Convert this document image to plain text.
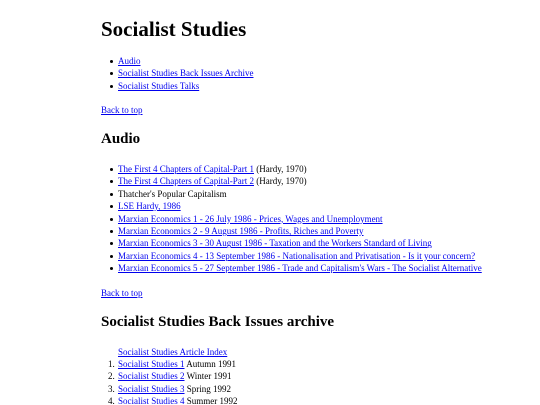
Socialist Studies
Audio
Socialist Studies Back Issues Archive
Socialist Studies Talks
Back to top
Audio
The First 4 Chapters of Capital-Part 1 (Hardy, 1970)
The First 4 Chapters of Capital-Part 2 (Hardy, 1970)
Thatcher's Popular Capitalism
LSE Hardy, 1986
Marxian Economics 1 - 26 July 1986 - Prices, Wages and Unemployment
Marxian Economics 2 - 9 August 1986 - Profits, Riches and Poverty
Marxian Economics 3 - 30 August 1986 - Taxation and the Workers Standard of Living
Marxian Economics 4 - 13 September 1986 - Nationalisation and Privatisation - Is it your concern?
Marxian Economics 5 - 27 September 1986 - Trade and Capitalism's Wars - The Socialist Alternative
Back to top
Socialist Studies Back Issues archive
Socialist Studies Article Index
1. Socialist Studies 1 Autumn 1991
2. Socialist Studies 2 Winter 1991
3. Socialist Studies 3 Spring 1992
4. Socialist Studies 4 Summer 1992
